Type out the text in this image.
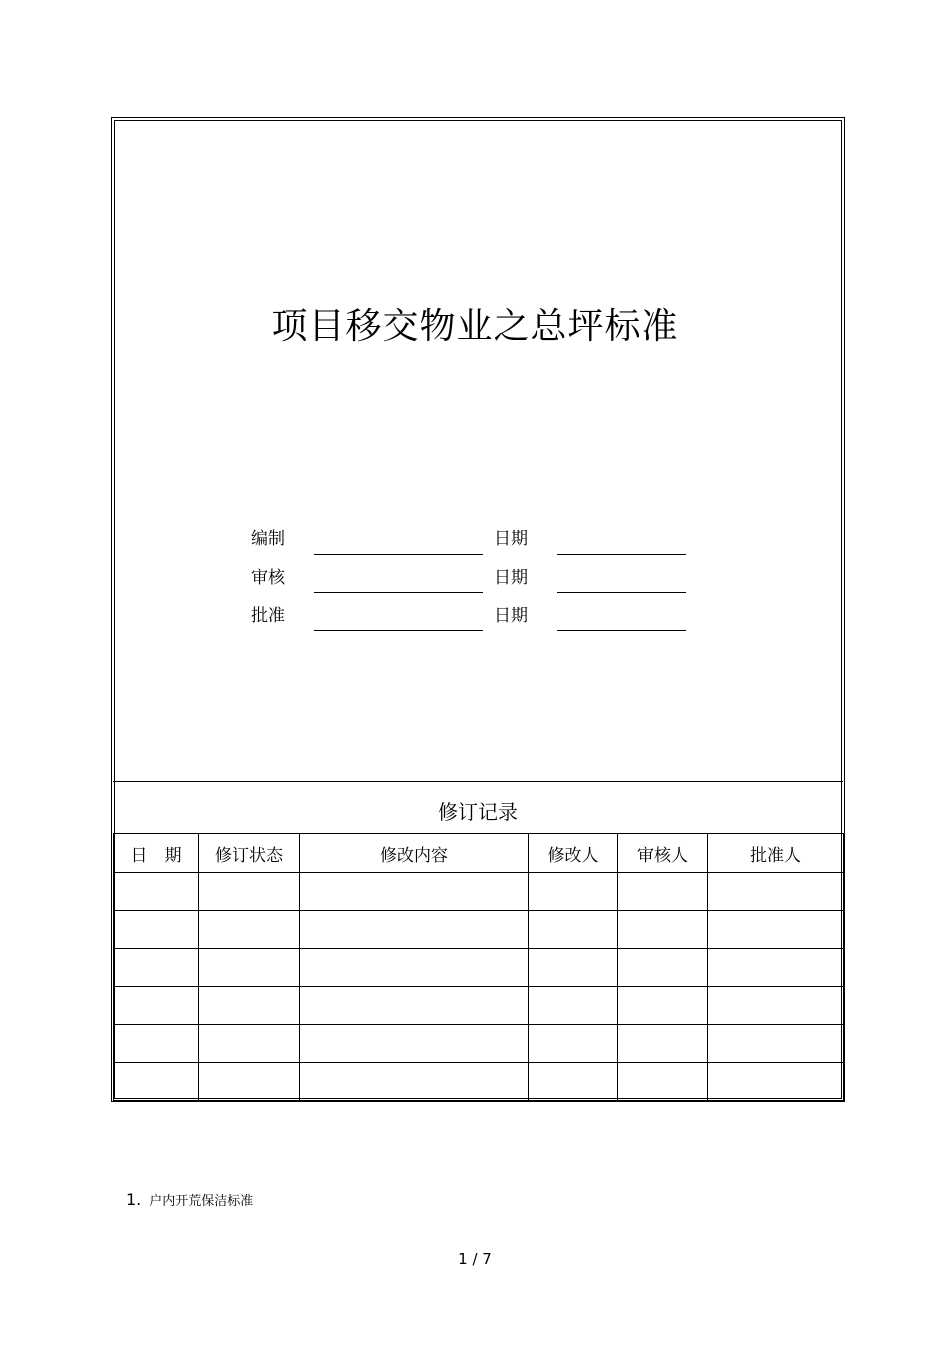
项目移交物业之总坪标准
编制	日期
审核	日期
批准	日期
修订记录
日　期	修订状态	修改内容	修改人	审核人	批准人

1. 户内开荒保洁标准
1 / 7
